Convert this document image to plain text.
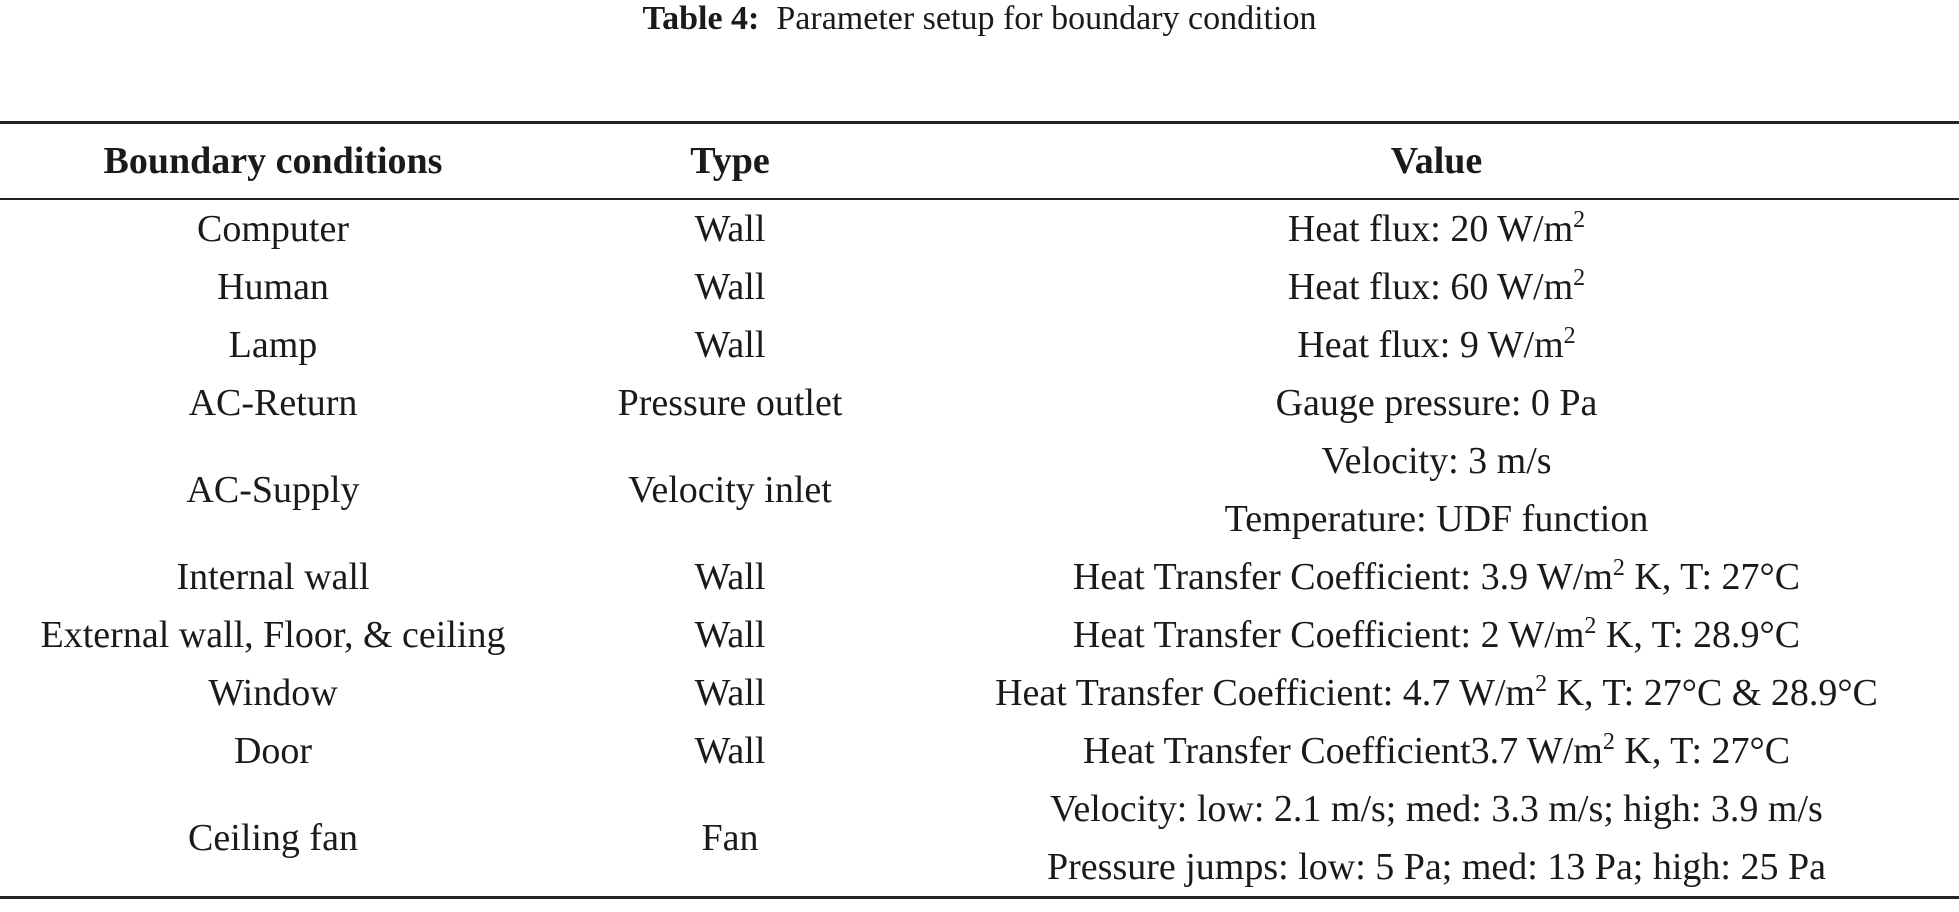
Table 4: Parameter setup for boundary condition
Boundary conditions	Type	Value
Computer	Wall	Heat flux: 20 $W/m^2$

Human	Wall	Heat flux: 60 $W/m^2$

Lamp	Wall	Heat flux: 9 $W/m^2$

AC-Return	Pressure outlet	Gauge pressure: 0 Pa

AC-Supply	Velocity inlet	Velocity: 3 m/s
Temperature: UDF function

Internal wall	Wall	Heat Transfer Coefficient: 3.9 $W/m^2$ K, T: 27°C

External wall, Floor, & ceiling	Wall	Heat Transfer Coefficient: 2 $W/m^2$ K, T: 28.9°C

Window	Wall	Heat Transfer Coefficient: 4.7 $W/m^2$ K, T: 27°C & 28.9°C

Door	Wall	Heat Transfer Coefficient3.7 $W/m^2$ K, T: 27°C

Ceiling fan	Fan	Velocity: low: 2.1 m/s; med: 3.3 m/s; high: 3.9 m/s
Pressure jumps: low: 5 Pa; med: 13 Pa; high: 25 Pa
